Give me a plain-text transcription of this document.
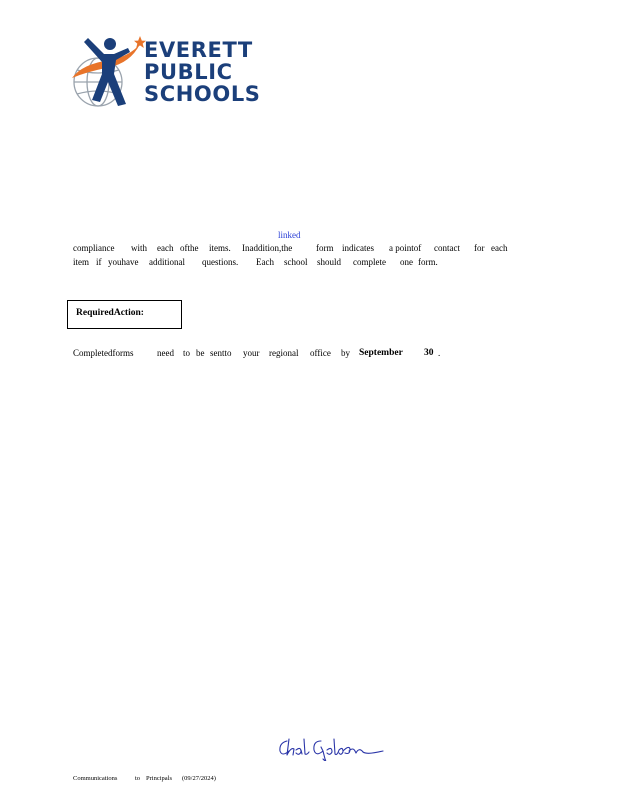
EVERETT
PUBLIC
SCHOOLS
linked
compliance with each ofthe items. Inaddition,the	form indicates a pointof contact for each
item if youhave additional questions. Each school should complete one form.
RequiredAction:
Completedforms	need to be sentto your regional office by September 30 .
Communications	to Principals (09/27/2024)
